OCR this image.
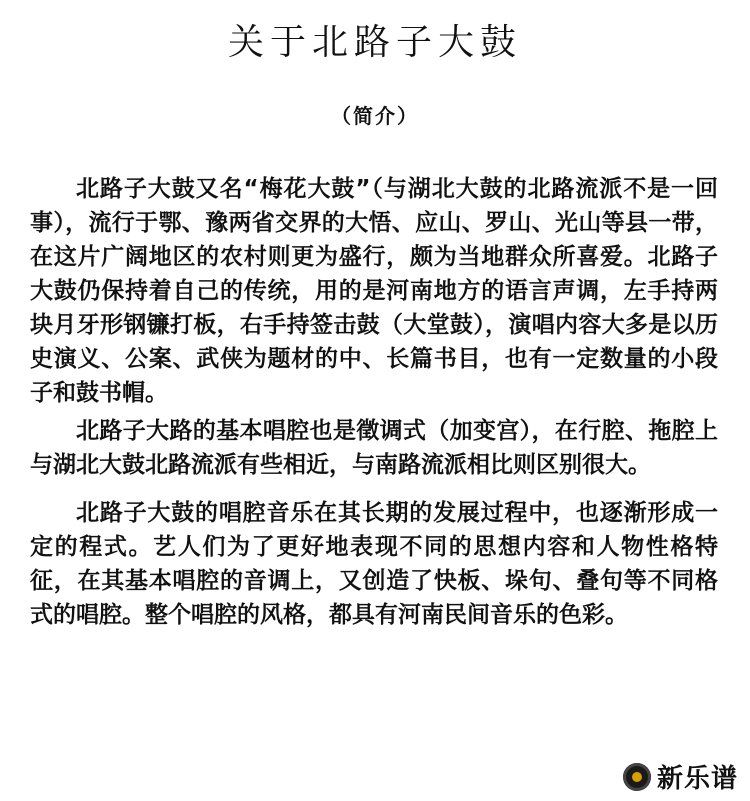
关于北路子大鼓
（简介）

北路子大鼓又名“梅花大鼓”（与湖北大鼓的北路流派不是一回事），流行于鄂、豫两省交界的大悟、应山、罗山、光山等县一带，在这片广阔地区的农村则更为盛行，颇为当地群众所喜爱。北路子大鼓仍保持着自己的传统，用的是河南地方的语言声调，左手持两块月牙形钢镰打板，右手持签击鼓（大堂鼓），演唱内容大多是以历史演义、公案、武侠为题材的中、长篇书目，也有一定数量的小段子和鼓书帽。

北路子大路的基本唱腔也是徵调式（加变宫），在行腔、拖腔上与湖北大鼓北路流派有些相近，与南路流派相比则区别很大。

北路子大鼓的唱腔音乐在其长期的发展过程中，也逐渐形成一定的程式。艺人们为了更好地表现不同的思想内容和人物性格特征，在其基本唱腔的音调上，又创造了快板、垛句、叠句等不同格式的唱腔。整个唱腔的风格，都具有河南民间音乐的色彩。

新乐谱
